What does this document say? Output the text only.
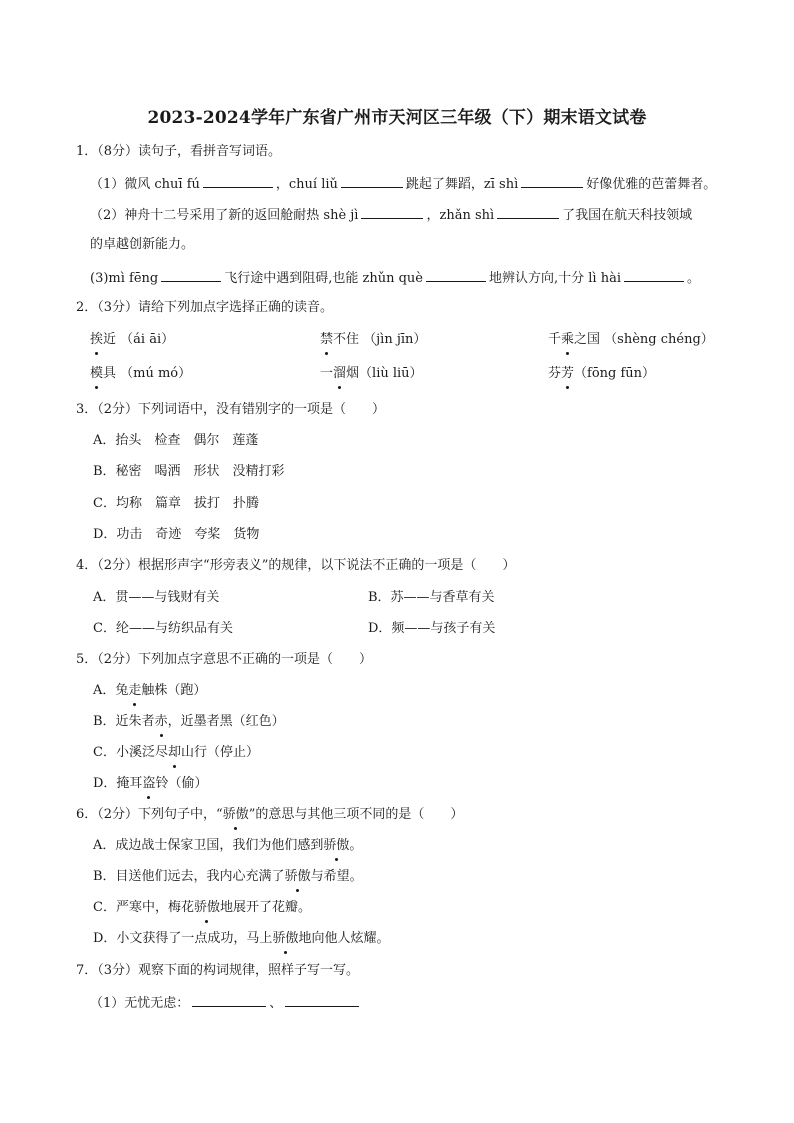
2023-2024学年广东省广州市天河区三年级（下）期末语文试卷
1．（8分）读句子，看拼音写词语。
（1）微风 chuī fú	，chuí liǔ	跳起了舞蹈，zī shì	好像优雅的芭蕾舞者。
（2）神舟十二号采用了新的返回舱耐热 shè jì	，zhǎn shì	了我国在航天科技领域
的卓越创新能力。
(3)mì fēng	飞行途中遇到阻碍,也能 zhǔn què	地辨认方向,十分 lì hài	。
2．（3分）请给下列加点字选择正确的读音。
挨近 （ái āi）	禁不住 （jìn jīn）	千乘之国 （shèng chéng）
模具 （mú mó）	一溜烟（liù liū）	芬芳（fōng fūn）
3．（2分）下列词语中，没有错别字的一项是（　　）
A．抬头　检查　偶尔　莲蓬
B．秘密　喝洒　形状　没精打彩
C．均称　篇章　拔打　扑腾
D．功击　奇迹　夸桨　货物
4．（2分）根据形声字“形旁表义”的规律，以下说法不正确的一项是（　　）
A．贯——与钱财有关	B．苏——与香草有关
C．纶——与纺织品有关	D．频——与孩子有关
5．（2分）下列加点字意思不正确的一项是（　　）
A．兔走触株（跑）
B．近朱者赤，近墨者黑（红色）
C．小溪泛尽却山行（停止）
D．掩耳盗铃（偷）
6．（2分）下列句子中，“骄傲”的意思与其他三项不同的是（　　）
A．成边战士保家卫国，我们为他们感到骄傲。
B．目送他们远去，我内心充满了骄傲与希望。
C．严寒中，梅花骄傲地展开了花瓣。
D．小文获得了一点成功，马上骄傲地向他人炫耀。
7．（3分）观察下面的构词规律，照样子写一写。
（1）无忧无虑：	、
